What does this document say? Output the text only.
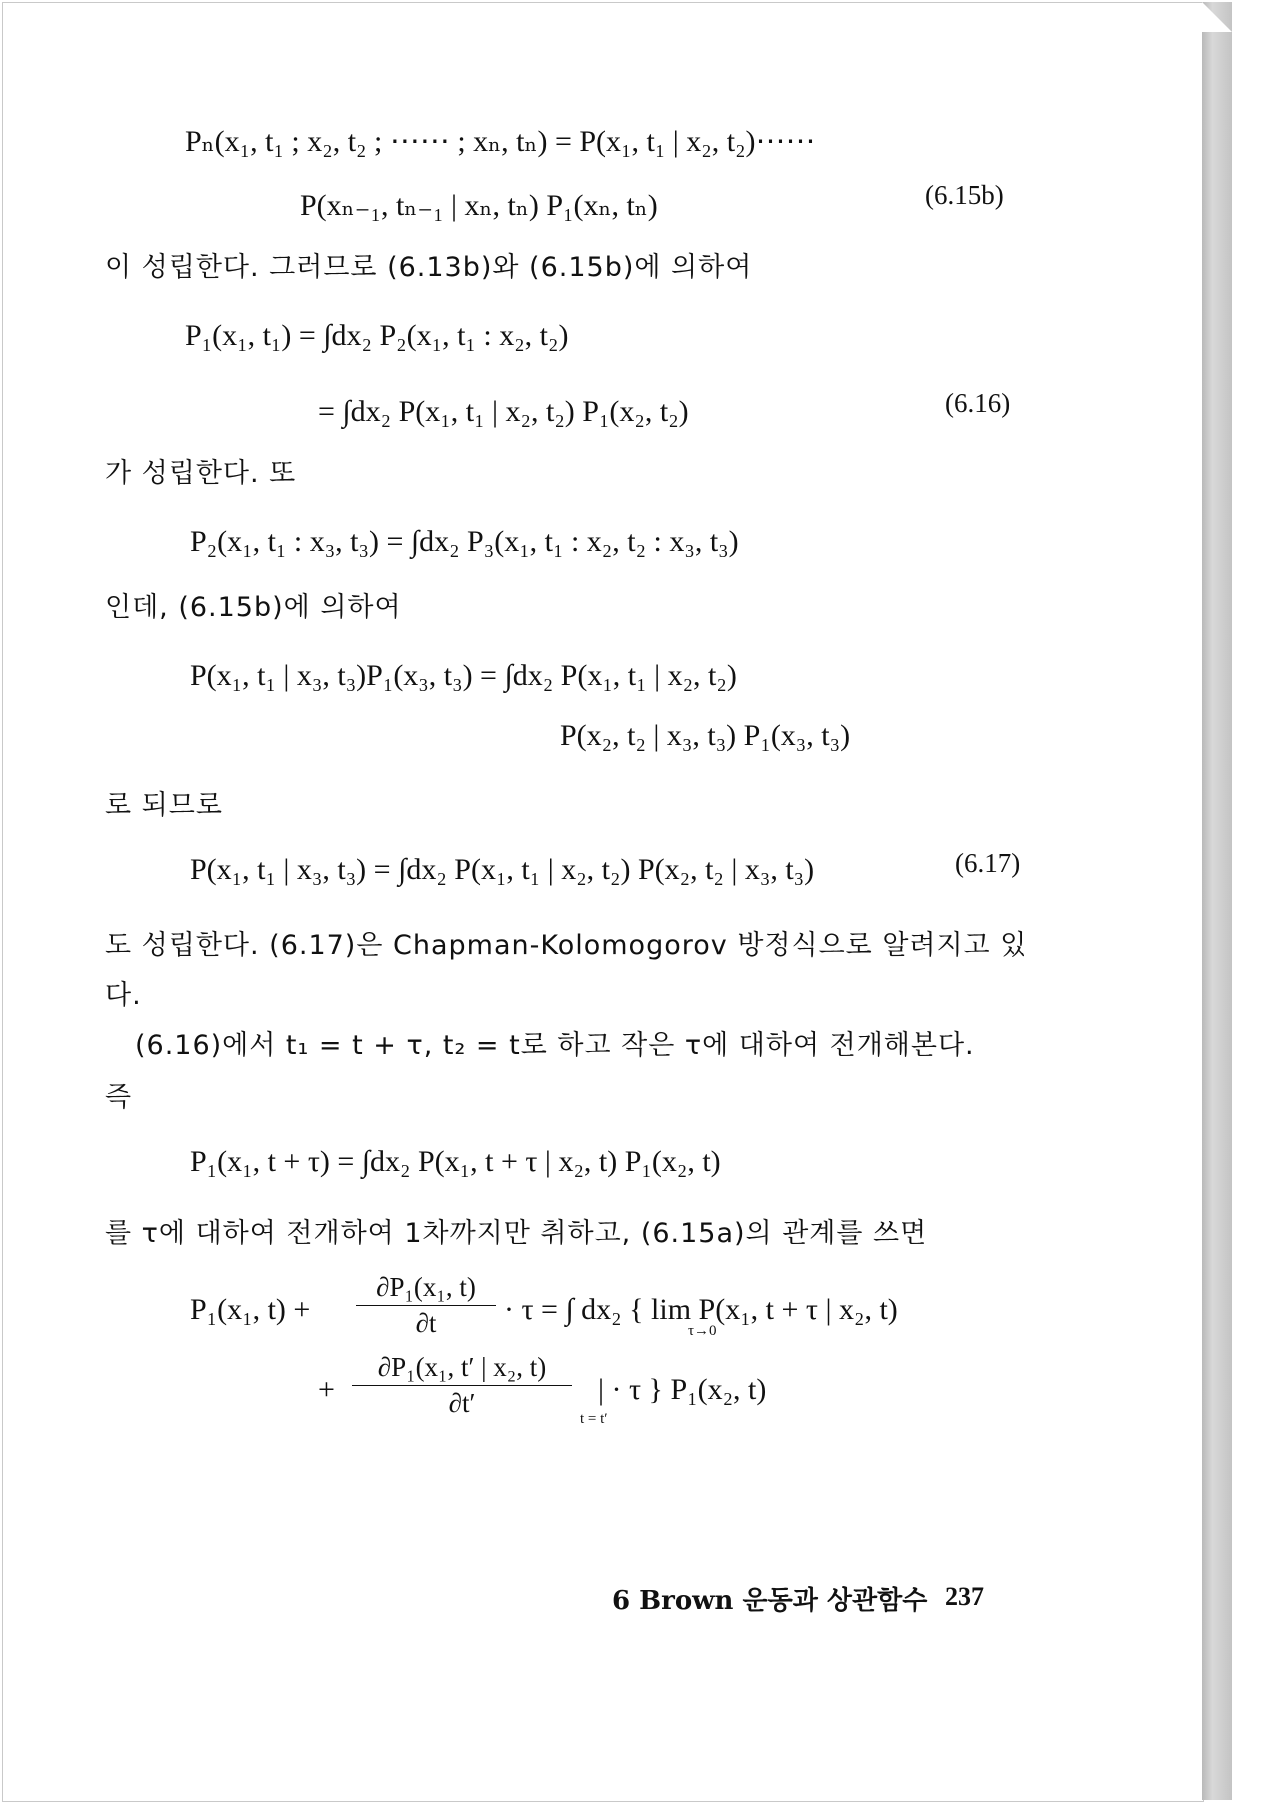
Pₙ(x₁, t₁ ; x₂, t₂ ; ⋯⋯ ; xₙ, tₙ) = P(x₁, t₁ | x₂, t₂)⋯⋯
P(xₙ₋₁, tₙ₋₁ | xₙ, tₙ) P₁(xₙ, tₙ)	(6.15b)
이 성립한다. 그러므로 (6.13b)와 (6.15b)에 의하여
P₁(x₁, t₁) = ∫dx₂ P₂(x₁, t₁ : x₂, t₂)
= ∫dx₂ P(x₁, t₁ | x₂, t₂) P₁(x₂, t₂)	(6.16)
가 성립한다. 또
P₂(x₁, t₁ : x₃, t₃) = ∫dx₂ P₃(x₁, t₁ : x₂, t₂ : x₃, t₃)
인데, (6.15b)에 의하여
P(x₁, t₁ | x₃, t₃)P₁(x₃, t₃) = ∫dx₂ P(x₁, t₁ | x₂, t₂)
P(x₂, t₂ | x₃, t₃) P₁(x₃, t₃)
로 되므로
P(x₁, t₁ | x₃, t₃) = ∫dx₂ P(x₁, t₁ | x₂, t₂) P(x₂, t₂ | x₃, t₃)	(6.17)
도 성립한다. (6.17)은 Chapman-Kolomogorov 방정식으로 알려지고 있
다.
(6.16)에서 t₁ = t + τ, t₂ = t로 하고 작은 τ에 대하여 전개해본다.
즉
P₁(x₁, t + τ) = ∫dx₂ P(x₁, t + τ | x₂, t) P₁(x₂, t)
를 τ에 대하여 전개하여 1차까지만 취하고, (6.15a)의 관계를 쓰면
P₁(x₁, $t) + \frac{\text{∂P₁(x₁, t)}}{\partial t} \cdot \tau$ = ∫ dx₂ { lim P(x₁, t + τ | x₂, t)
τ→0
+ $\frac{\text{∂P₁(x₁, t′ | x₂, t)}}{\partial t'}$ | · τ } P₁(x₂, t)
t = t′
6 Brown 운동과 상관함수 237
